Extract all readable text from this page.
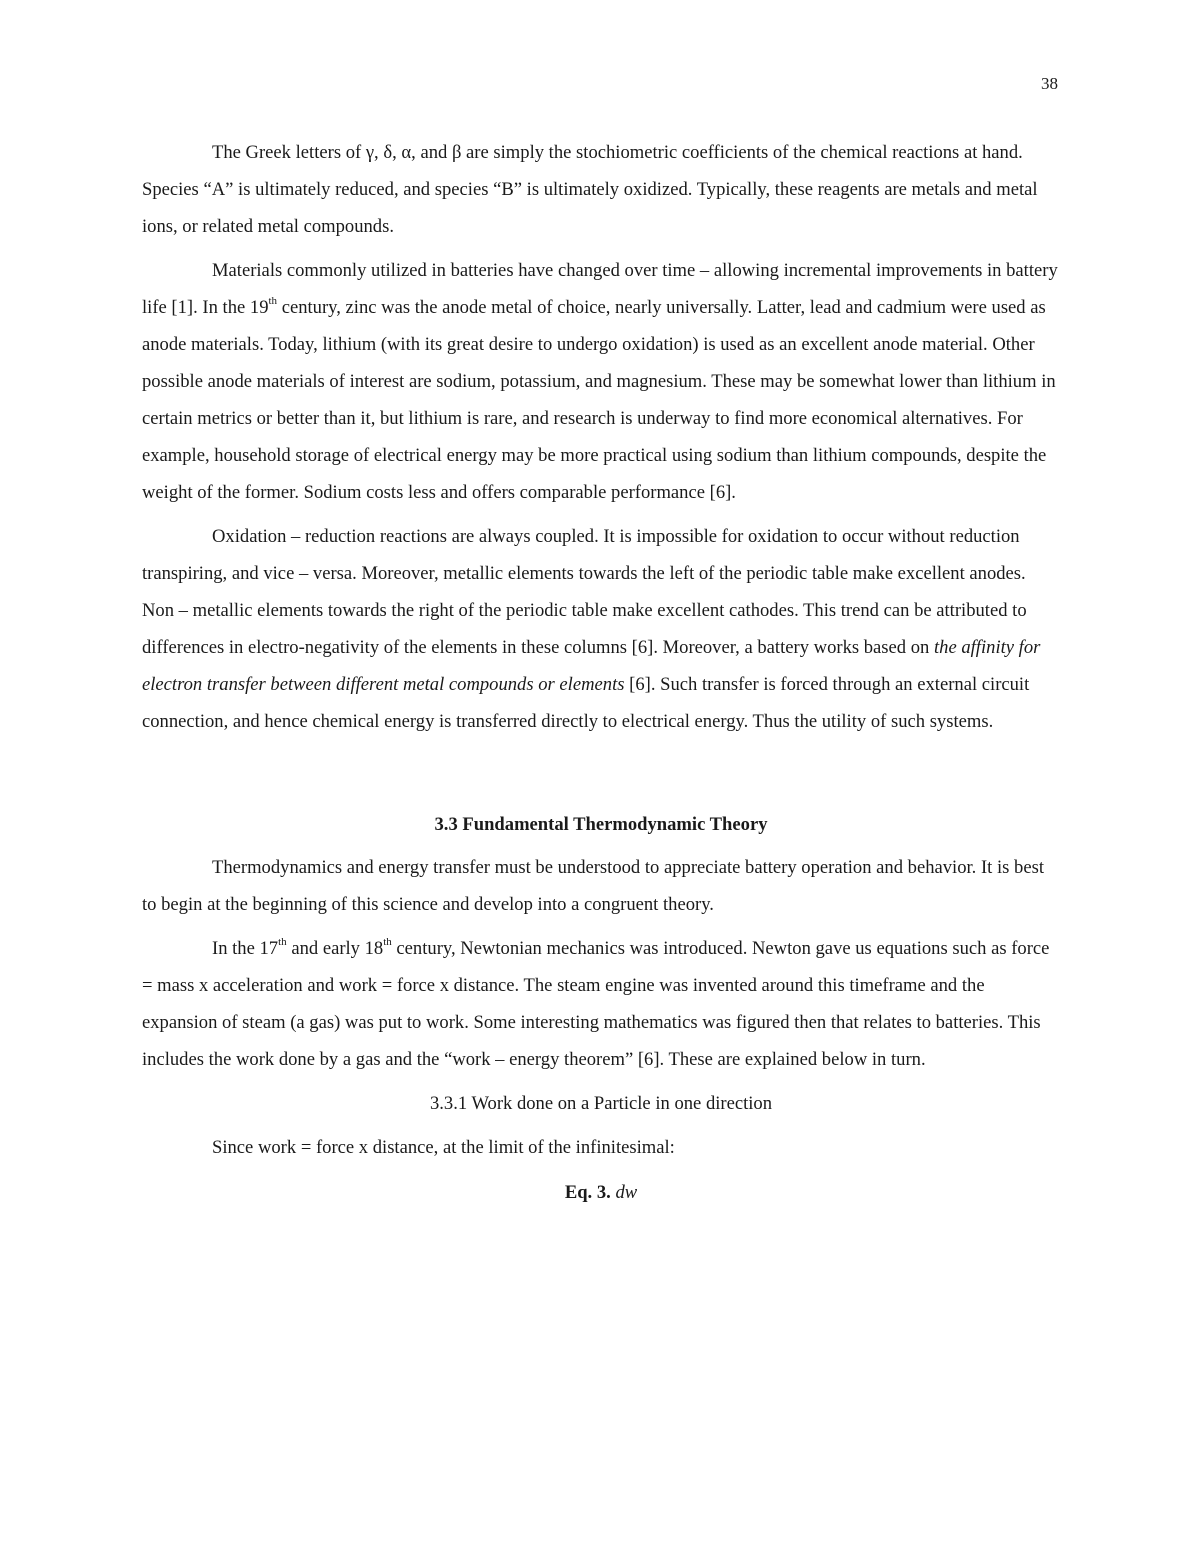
38

The Greek letters of γ, δ, α, and β are simply the stochiometric coefficients of the chemical reactions at hand. Species “A” is ultimately reduced, and species “B” is ultimately oxidized. Typically, these reagents are metals and metal ions, or related metal compounds.

Materials commonly utilized in batteries have changed over time – allowing incremental improvements in battery life [1]. In the 19th century, zinc was the anode metal of choice, nearly universally. Latter, lead and cadmium were used as anode materials. Today, lithium (with its great desire to undergo oxidation) is used as an excellent anode material. Other possible anode materials of interest are sodium, potassium, and magnesium. These may be somewhat lower than lithium in certain metrics or better than it, but lithium is rare, and research is underway to find more economical alternatives. For example, household storage of electrical energy may be more practical using sodium than lithium compounds, despite the weight of the former. Sodium costs less and offers comparable performance [6].

Oxidation – reduction reactions are always coupled. It is impossible for oxidation to occur without reduction transpiring, and vice – versa. Moreover, metallic elements towards the left of the periodic table make excellent anodes. Non – metallic elements towards the right of the periodic table make excellent cathodes. This trend can be attributed to differences in electro-negativity of the elements in these columns [6]. Moreover, a battery works based on the affinity for electron transfer between different metal compounds or elements [6]. Such transfer is forced through an external circuit connection, and hence chemical energy is transferred directly to electrical energy. Thus the utility of such systems.

3.3 Fundamental Thermodynamic Theory

Thermodynamics and energy transfer must be understood to appreciate battery operation and behavior. It is best to begin at the beginning of this science and develop into a congruent theory.

In the 17th and early 18th century, Newtonian mechanics was introduced. Newton gave us equations such as force = mass x acceleration and work = force x distance. The steam engine was invented around this timeframe and the expansion of steam (a gas) was put to work. Some interesting mathematics was figured then that relates to batteries. This includes the work done by a gas and the “work – energy theorem” [6]. These are explained below in turn.

3.3.1 Work done on a Particle in one direction

Since work = force x distance, at the limit of the infinitesimal:

Eq. 3. dw
